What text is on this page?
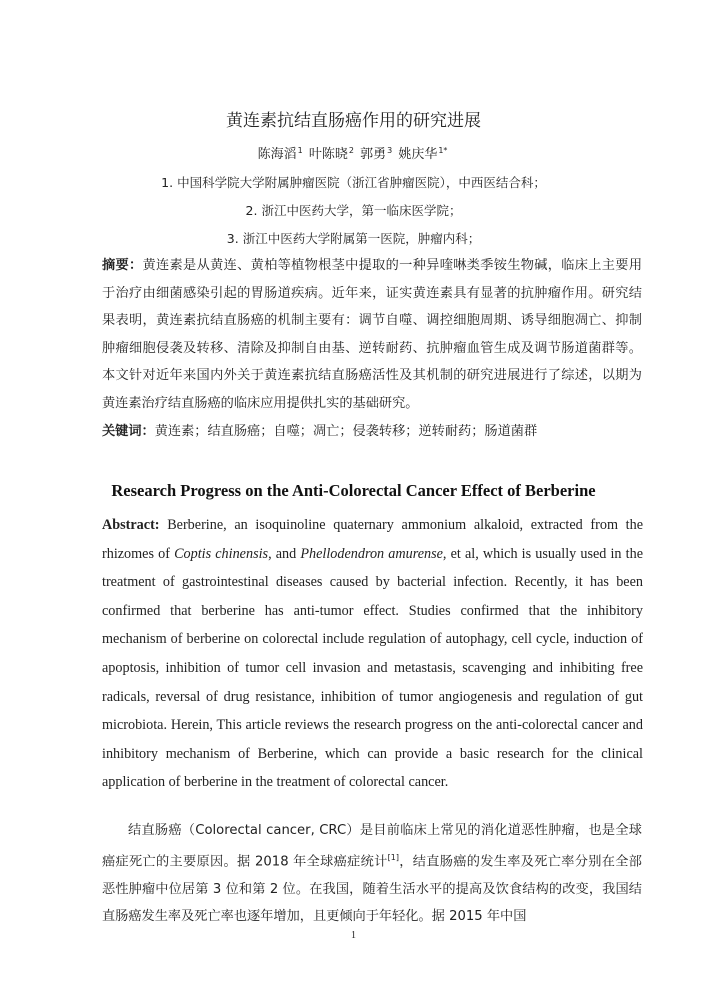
黄连素抗结直肠癌作用的研究进展
陈海滔$^1$ 叶陈晓$^2$ 郭勇$^3$ 姚庆华$^{1*}$
1. 中国科学院大学附属肿瘤医院（浙江省肿瘤医院），中西医结合科；
2. 浙江中医药大学，第一临床医学院；
3. 浙江中医药大学附属第一医院，肿瘤内科；
摘要：黄连素是从黄连、黄柏等植物根茎中提取的一种异喹啉类季铵生物碱，临床上主要用于治疗由细菌感染引起的胃肠道疾病。近年来，证实黄连素具有显著的抗肿瘤作用。研究结果表明，黄连素抗结直肠癌的机制主要有：调节自噬、调控细胞周期、诱导细胞凋亡、抑制肿瘤细胞侵袭及转移、清除及抑制自由基、逆转耐药、抗肿瘤血管生成及调节肠道菌群等。本文针对近年来国内外关于黄连素抗结直肠癌活性及其机制的研究进展进行了综述，以期为黄连素治疗结直肠癌的临床应用提供扎实的基础研究。
关键词：黄连素；结直肠癌；自噬；凋亡；侵袭转移；逆转耐药；肠道菌群
Research Progress on the Anti-Colorectal Cancer Effect of Berberine
Abstract: Berberine, an isoquinoline quaternary ammonium alkaloid, extracted from the rhizomes of Coptis chinensis, and Phellodendron amurense, et al, which is usually used in the treatment of gastrointestinal diseases caused by bacterial infection. Recently, it has been confirmed that berberine has anti-tumor effect. Studies confirmed that the inhibitory mechanism of berberine on colorectal include regulation of autophagy, cell cycle, induction of apoptosis, inhibition of tumor cell invasion and metastasis, scavenging and inhibiting free radicals, reversal of drug resistance, inhibition of tumor angiogenesis and regulation of gut microbiota. Herein, This article reviews the research progress on the anti-colorectal cancer and inhibitory mechanism of Berberine, which can provide a basic research for the clinical application of berberine in the treatment of colorectal cancer.
结直肠癌（Colorectal cancer, CRC）是目前临床上常见的消化道恶性肿瘤，也是全球癌症死亡的主要原因。据 2018 年全球癌症统计[1]，结直肠癌的发生率及死亡率分别在全部恶性肿瘤中位居第 3 位和第 2 位。在我国，随着生活水平的提高及饮食结构的改变，我国结直肠癌发生率及死亡率也逐年增加，且更倾向于年轻化。据 2015 年中国
1
